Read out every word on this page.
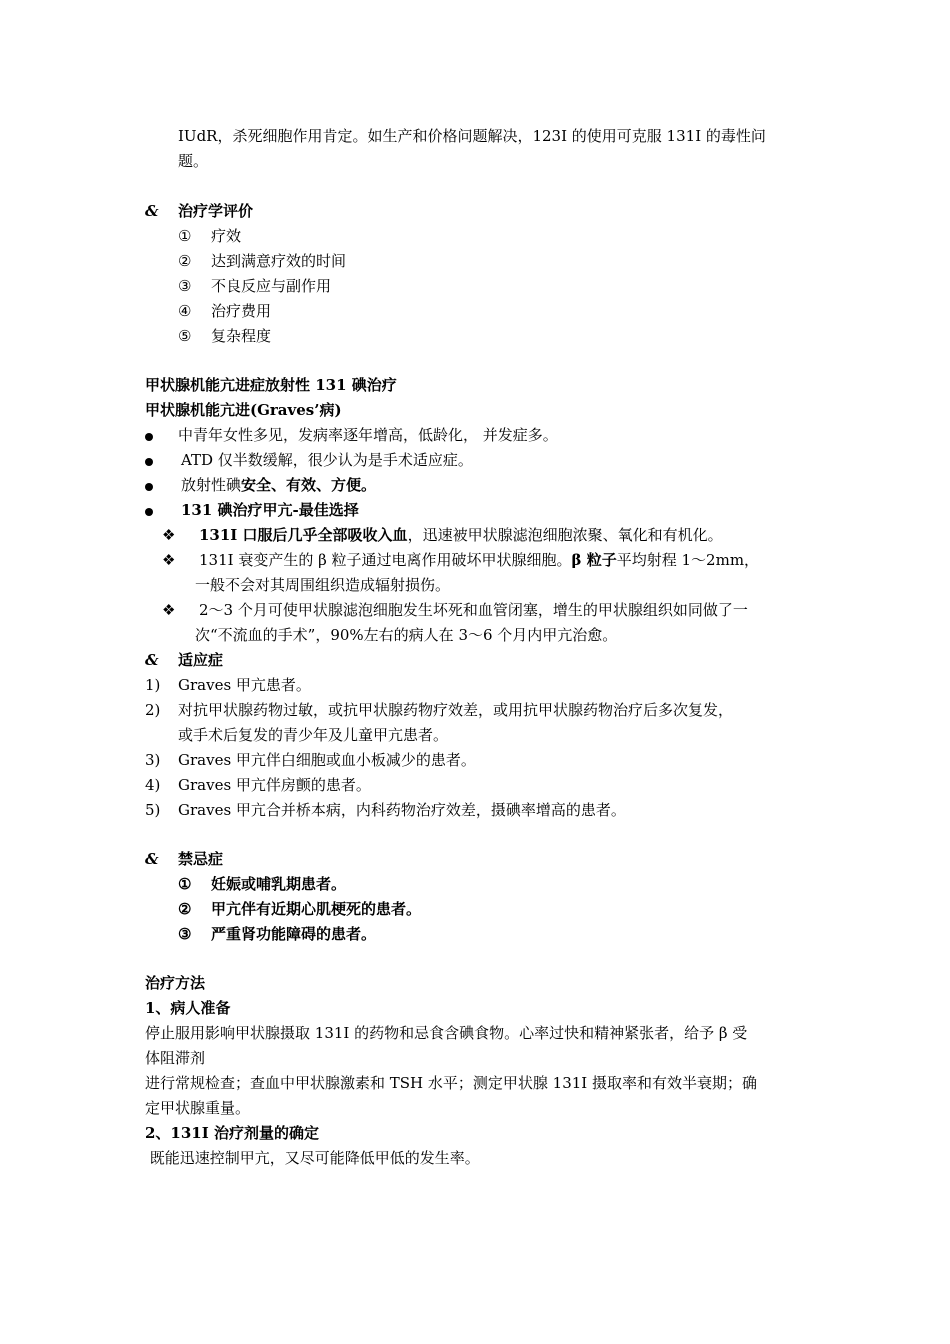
IUdR，杀死细胞作用肯定。如生产和价格问题解决，123I 的使用可克服 131I 的毒性问
题。
&	治疗学评价
① 疗效
② 达到满意疗效的时间
③ 不良反应与副作用
④ 治疗费用
⑤ 复杂程度
甲状腺机能亢进症放射性 131 碘治疗
甲状腺机能亢进(Graves’病)
中青年女性多见，发病率逐年增高，低龄化， 并发症多。
ATD 仅半数缓解，很少认为是手术适应症。
放射性碘安全、有效、方便。
131 碘治疗甲亢-最佳选择
❖ 131I 口服后几乎全部吸收入血，迅速被甲状腺滤泡细胞浓聚、氧化和有机化。
❖ 131I 衰变产生的 β 粒子通过电离作用破坏甲状腺细胞。β 粒子平均射程 1～2mm，
一般不会对其周围组织造成辐射损伤。
❖ 2～3 个月可使甲状腺滤泡细胞发生坏死和血管闭塞，增生的甲状腺组织如同做了一
次“不流血的手术”，90%左右的病人在 3～6 个月内甲亢治愈。
&	适应症
1) Graves 甲亢患者。
2) 对抗甲状腺药物过敏，或抗甲状腺药物疗效差，或用抗甲状腺药物治疗后多次复发，
或手术后复发的青少年及儿童甲亢患者。
3) Graves 甲亢伴白细胞或血小板减少的患者。
4) Graves 甲亢伴房颤的患者。
5) Graves 甲亢合并桥本病，内科药物治疗效差，摄碘率增高的患者。
&	禁忌症
① 妊娠或哺乳期患者。
② 甲亢伴有近期心肌梗死的患者。
③ 严重肾功能障碍的患者。
治疗方法
1、病人准备
停止服用影响甲状腺摄取 131I 的药物和忌食含碘食物。心率过快和精神紧张者，给予 β 受
体阻滞剂
进行常规检查；查血中甲状腺激素和 TSH 水平；测定甲状腺 131I 摄取率和有效半衰期；确
定甲状腺重量。
2、131I 治疗剂量的确定
既能迅速控制甲亢，又尽可能降低甲低的发生率。
